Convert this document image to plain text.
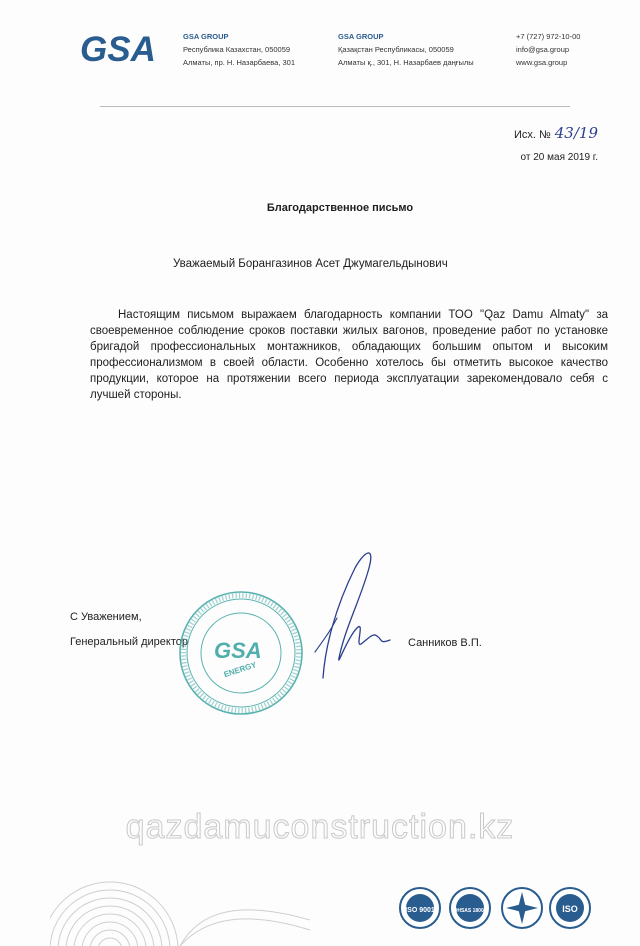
GSA	GSA GROUP
Республика Казахстан, 050059
Алматы, пр. Н. Назарбаева, 301
GSA GROUP
Қазақстан Республикасы, 050059
Алматы қ., 301, Н. Назарбаев даңғылы
+7 (727) 972-10-00
info@gsa.group
www.gsa.group
Исх. № 43/19
от 20 мая 2019 г.
Благодарственное письмо
Уважаемый Борангазинов Асет Джумагельдынович
Настоящим письмом выражаем благодарность компании ТОО "Qaz Damu Almaty" за своевременное соблюдение сроков поставки жилых вагонов, проведение работ по установке бригадой профессиональных монтажников, обладающих большим опытом и высоким профессионализмом в своей области. Особенно хотелось бы отметить высокое качество продукции, которое на протяжении всего периода эксплуатации зарекомендовало себя с лучшей стороны.
С Уважением,
Генеральный директор	Санников В.П.
GSA
ENERGY
qazdamuconstruction.kz
ISO 9001	OHSAS 18001	ISO
